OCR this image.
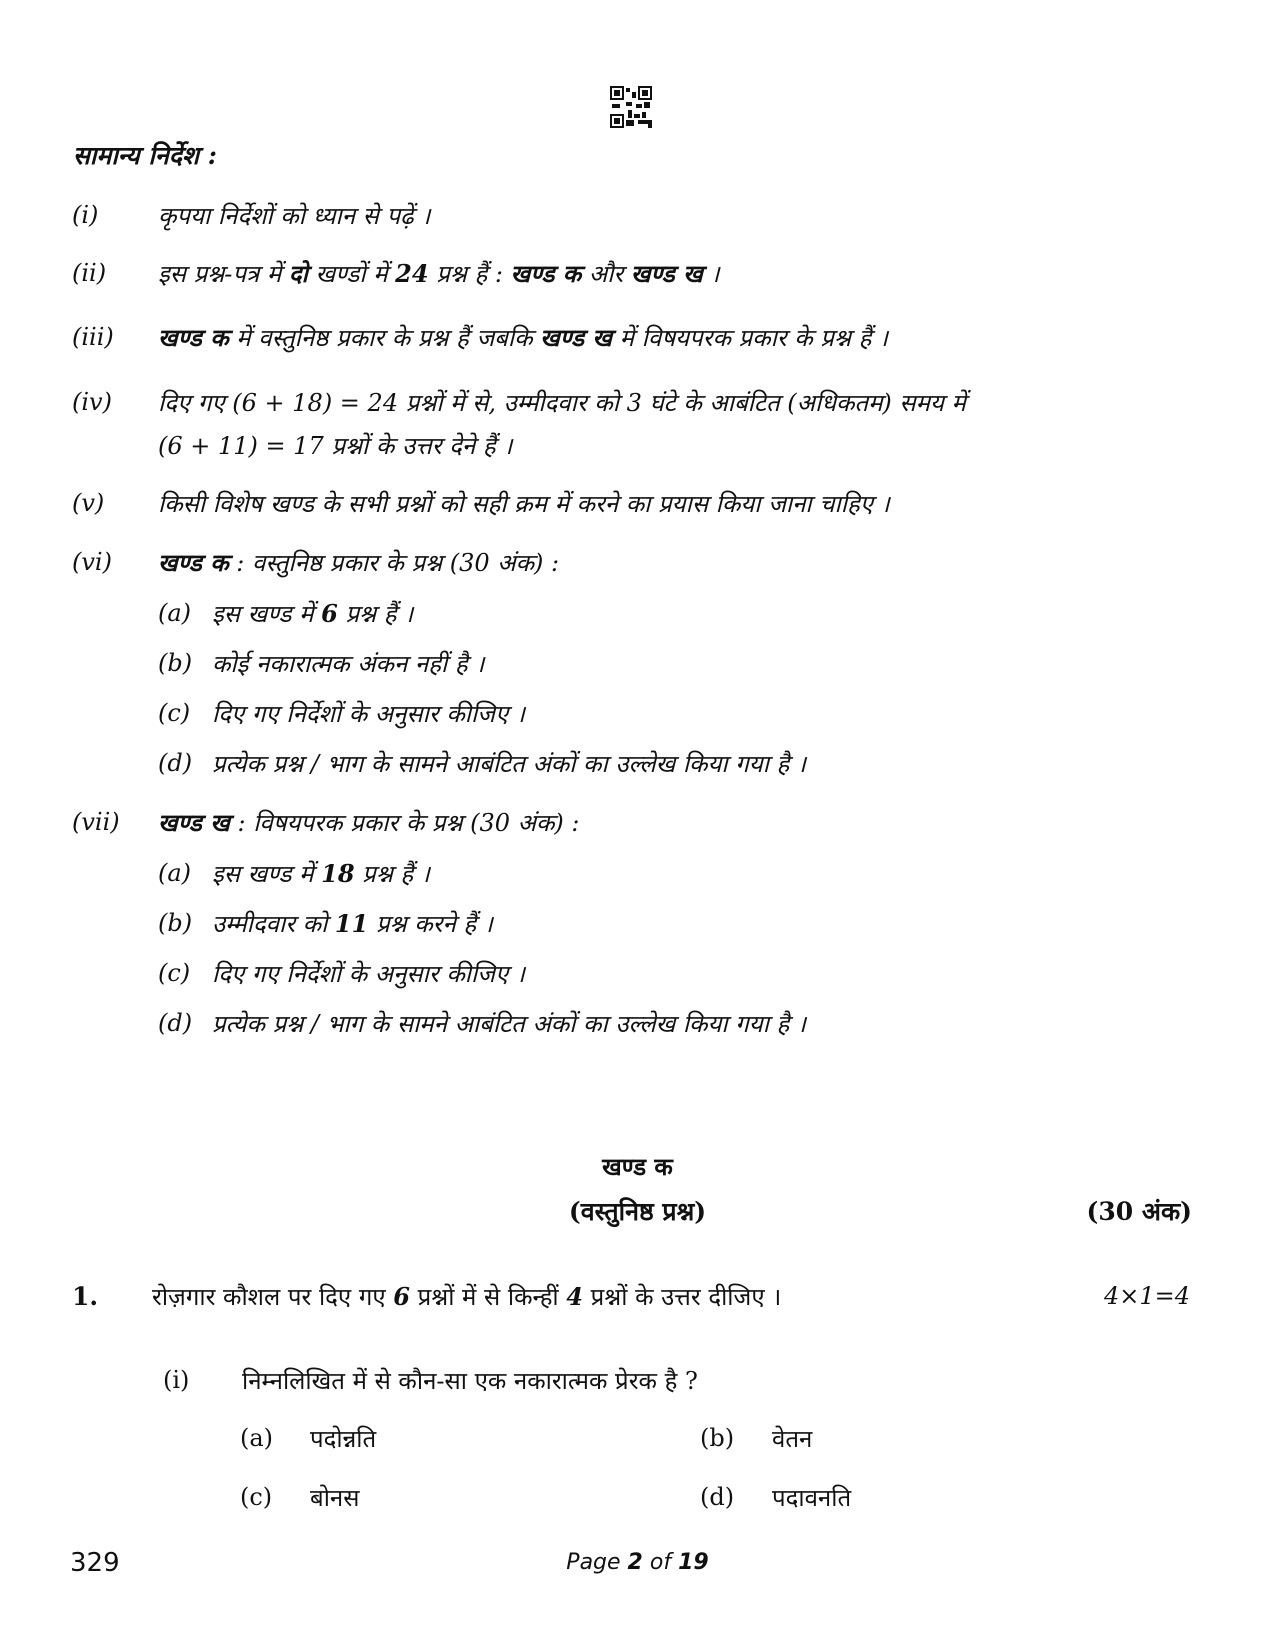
सामान्य निर्देश :
(i) कृपया निर्देशों को ध्यान से पढ़ें ।
(ii) इस प्रश्न-पत्र में दो खण्डों में 24 प्रश्न हैं : खण्ड क और खण्ड ख ।
(iii) खण्ड क में वस्तुनिष्ठ प्रकार के प्रश्न हैं जबकि खण्ड ख में विषयपरक प्रकार के प्रश्न हैं ।
(iv) दिए गए (6 + 18) = 24 प्रश्नों में से, उम्मीदवार को 3 घंटे के आबंटित (अधिकतम) समय में
(6 + 11) = 17 प्रश्नों के उत्तर देने हैं ।
(v) किसी विशेष खण्ड के सभी प्रश्नों को सही क्रम में करने का प्रयास किया जाना चाहिए ।
(vi) खण्ड क : वस्तुनिष्ठ प्रकार के प्रश्न (30 अंक) :
(a) इस खण्ड में 6 प्रश्न हैं ।
(b) कोई नकारात्मक अंकन नहीं है ।
(c) दिए गए निर्देशों के अनुसार कीजिए ।
(d) प्रत्येक प्रश्न / भाग के सामने आबंटित अंकों का उल्लेख किया गया है ।
(vii) खण्ड ख : विषयपरक प्रकार के प्रश्न (30 अंक) :
(a) इस खण्ड में 18 प्रश्न हैं ।
(b) उम्मीदवार को 11 प्रश्न करने हैं ।
(c) दिए गए निर्देशों के अनुसार कीजिए ।
(d) प्रत्येक प्रश्न / भाग के सामने आबंटित अंकों का उल्लेख किया गया है ।
खण्ड क
(वस्तुनिष्ठ प्रश्न)	(30 अंक)
1. रोज़गार कौशल पर दिए गए 6 प्रश्नों में से किन्हीं 4 प्रश्नों के उत्तर दीजिए ।	4×1=4
(i) निम्नलिखित में से कौन-सा एक नकारात्मक प्रेरक है ?
(a) पदोन्नति	(b) वेतन
(c) बोनस	(d) पदावनति
329	Page 2 of 19
